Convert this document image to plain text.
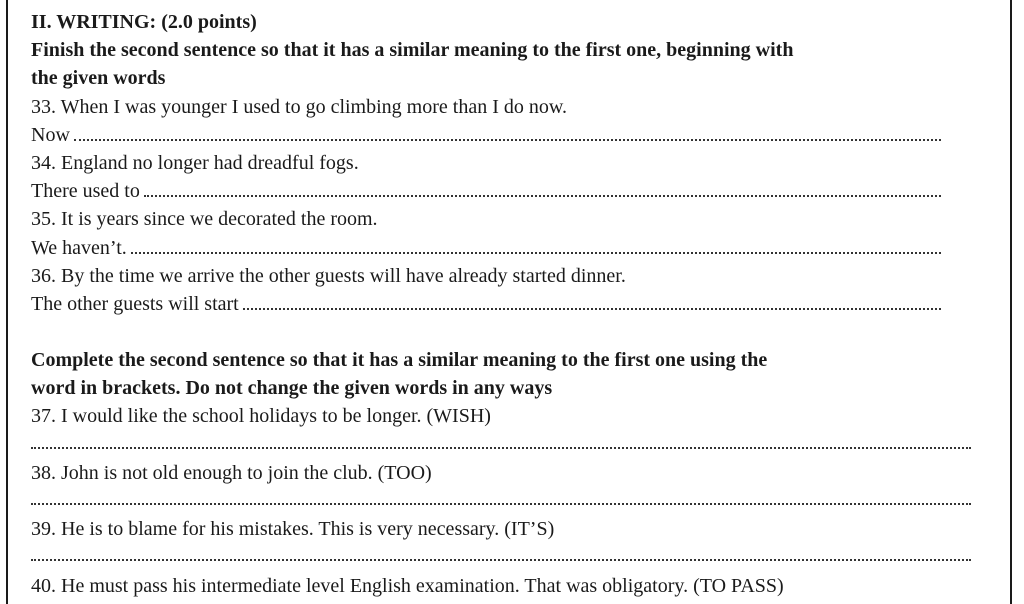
II. WRITING: (2.0 points)
Finish the second sentence so that it has a similar meaning to the first one, beginning with
the given words
33. When I was younger I used to go climbing more than I do now.
Now
34. England no longer had dreadful fogs.
There used to
35. It is years since we decorated the room.
We haven’t.
36. By the time we arrive the other guests will have already started dinner.
The other guests will start
Complete the second sentence so that it has a similar meaning to the first one using the
word in brackets. Do not change the given words in any ways
37. I would like the school holidays to be longer. (WISH)
38. John is not old enough to join the club. (TOO)
39. He is to blame for his mistakes. This is very necessary. (IT’S)
40. He must pass his intermediate level English examination. That was obligatory. (TO PASS)
